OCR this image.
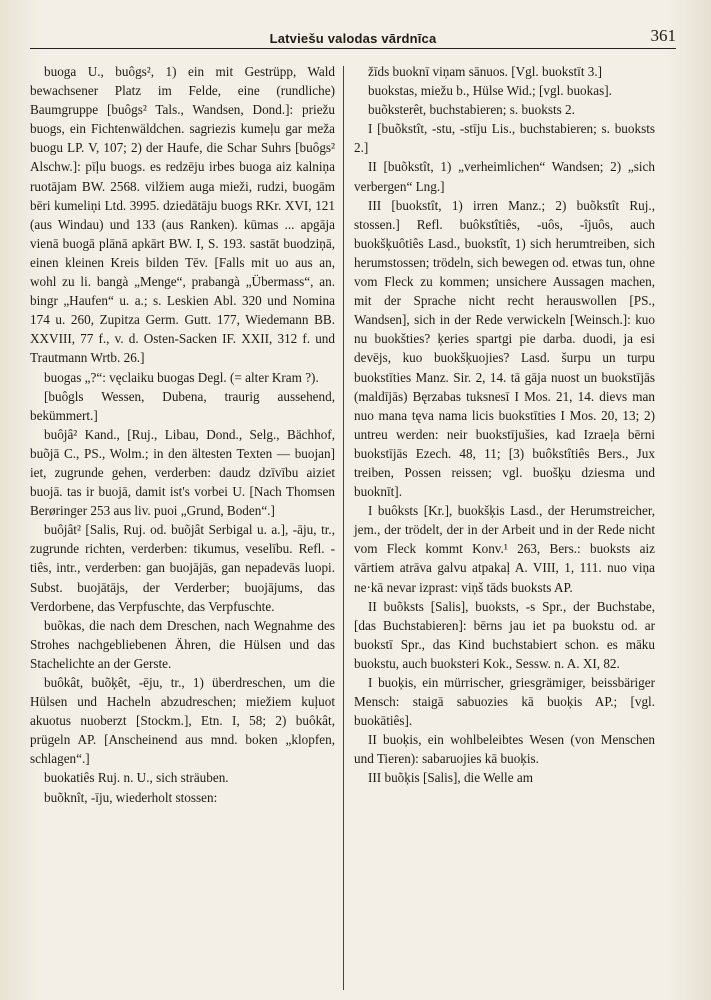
Latviešu valodas vārdnīca	361
buoga U., buôgs², 1) ein mit Gestrüpp, Wald bewachsener Platz im Felde, eine (rundliche) Baumgruppe [buôgs² Tals., Wandsen, Dond.]: priežu buogs, ein Fichtenwäldchen. sagriezis kumeļu gar meža buogu LP. V, 107; 2) der Haufe, die Schar Suhrs [buôgs² Alschw.]: pīļu buogs. es redzēju irbes buoga aiz kalniņa ruotājam BW. 2568. vilžiem auga mieži, rudzi, buogām bēri kumeliņi Ltd. 3995. dziedātāju buogs RKr. XVI, 121 (aus Windau) und 133 (aus Ranken). kūmas ... apgāja vienā buogā plānā apkārt BW. I, S. 193. sastāt buodziņā, einen kleinen Kreis bilden Tēv. [Falls mit uo aus an, wohl zu li. bangà „Menge“, prabangà „Übermass“, an. bingr „Haufen“ u. a.; s. Leskien Abl. 320 und Nomina 174 u. 260, Zupitza Germ. Gutt. 177, Wiedemann BB. XXVIII, 77 f., v. d. Osten-Sacken IF. XXII, 312 f. und Trautmann Wrtb. 26.]
buogas „?“: vęclaiku buogas Degl. (= alter Kram ?).
[buôgls Wessen, Dubena, traurig aussehend, bekümmert.]
buôjâ² Kand., [Ruj., Libau, Dond., Selg., Bächhof, buõjā C., PS., Wolm.; in den ältesten Texten — buojan] iet, zugrunde gehen, verderben: daudz dzīvību aiziet buojā. tas ir buojā, damit ist's vorbei U. [Nach Thomsen Berøringer 253 aus liv. puoi „Grund, Boden“.]
buôjât² [Salis, Ruj. od. buõjât Serbigal u. a.], -āju, tr., zugrunde richten, verderben: tikumus, veselību. Refl. -tiês, intr., verderben: gan buojājās, gan nepadevās luopi. Subst. buojātājs, der Verderber; buojājums, das Verdorbene, das Verpfuschte, das Verpfuschte.
buõkas, die nach dem Dreschen, nach Wegnahme des Strohes nachgebliebenen Ähren, die Hülsen und das Stachelichte an der Gerste.
buôkât, buõķêt, -ēju, tr., 1) überdreschen, um die Hülsen und Hacheln abzudreschen; miežiem kuļuot akuotus nuoberzt [Stockm.], Etn. I, 58; 2) buôkât, prügeln AP. [Anscheinend aus mnd. boken „klopfen, schlagen“.]
buokatiês Ruj. n. U., sich sträuben.
buõknît, -īju, wiederholt stossen:
žīds buoknī viņam sānuos. [Vgl. buokstīt 3.]
buokstas, miežu b., Hülse Wid.; [vgl. buokas].
buõksterêt, buchstabieren; s. buoksts 2.
I [buõkstît, -stu, -stīju Lis., buchstabieren; s. buoksts 2.]
II [buõkstît, 1) „verheimlichen“ Wandsen; 2) „sich verbergen“ Lng.]
III [buokstît, 1) irren Manz.; 2) buõkstît Ruj., stossen.] Refl. buôkstîtiês, -uôs, -îjuôs, auch buokšķuôtiês Lasd., buokstît, 1) sich herumtreiben, sich herumstossen; trödeln, sich bewegen od. etwas tun, ohne vom Fleck zu kommen; unsichere Aussagen machen, mit der Sprache nicht recht herauswollen [PS., Wandsen], sich in der Rede verwickeln [Weinsch.]: kuo nu buokšties? ķeries spartgi pie darba. duodi, ja esi devējs, kuo buokšķuojies? Lasd. šurpu un turpu buokstīties Manz. Sir. 2, 14. tā gāja nuost un buokstījās (maldījās) Bęrzabas tuksnesī I Mos. 21, 14. dievs man nuo mana tęva nama licis buokstīties I Mos. 20, 13; 2) untreu werden: neir buokstījušies, kad Izraeļa bērni buokstījās Ezech. 48, 11; [3) buôkstîtiês Bers., Jux treiben, Possen reissen; vgl. buošķu dziesma und buoknīt].
I buôksts [Kr.], buokšķis Lasd., der Herumstreicher, jem., der trödelt, der in der Arbeit und in der Rede nicht vom Fleck kommt Konv.¹ 263, Bers.: buoksts aiz vārtiem atrāva galvu atpakaļ A. VIII, 1, 111. nuo viņa ne·kā nevar izprast: viņš tāds buoksts AP.
II buõksts [Salis], buoksts, -s Spr., der Buchstabe, [das Buchstabieren]: bērns jau iet pa buokstu od. ar buokstī Spr., das Kind buchstabiert schon. es māku buokstu, auch buoksteri Kok., Sessw. n. A. XI, 82.
I buoķis, ein mürrischer, griesgrämiger, beissbäriger Mensch: staigā sabuozies kā buoķis AP.; [vgl. buokātiês].
II buoķis, ein wohlbeleibtes Wesen (von Menschen und Tieren): sabaruojies kā buoķis.
III buõķis [Salis], die Welle am
